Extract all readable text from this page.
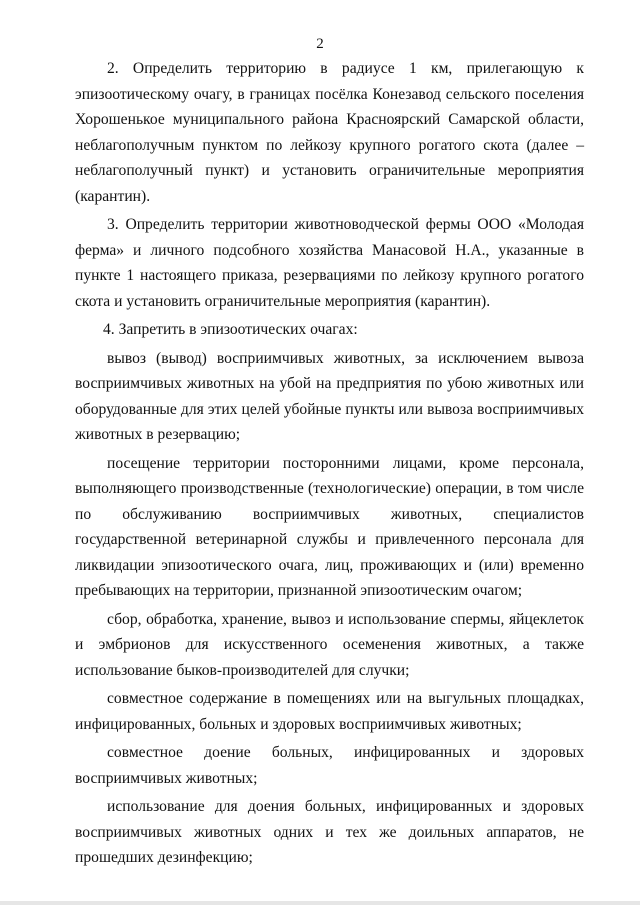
2

2. Определить территорию в радиусе 1 км, прилегающую к эпизоотическому очагу, в границах посёлка Конезавод сельского поселения Хорошенькое муниципального района Красноярский Самарской области, неблагополучным пунктом по лейкозу крупного рогатого скота (далее – неблагополучный пункт) и установить ограничительные мероприятия (карантин).

3. Определить территории животноводческой фермы ООО «Молодая ферма» и личного подсобного хозяйства Манасовой Н.А., указанные в пункте 1 настоящего приказа, резервациями по лейкозу крупного рогатого скота и установить ограничительные мероприятия (карантин).

4. Запретить в эпизоотических очагах:

вывоз (вывод) восприимчивых животных, за исключением вывоза восприимчивых животных на убой на предприятия по убою животных или оборудованные для этих целей убойные пункты или вывоза восприимчивых животных в резервацию;

посещение территории посторонними лицами, кроме персонала, выполняющего производственные (технологические) операции, в том числе по обслуживанию восприимчивых животных, специалистов государственной ветеринарной службы и привлеченного персонала для ликвидации эпизоотического очага, лиц, проживающих и (или) временно пребывающих на территории, признанной эпизоотическим очагом;

сбор, обработка, хранение, вывоз и использование спермы, яйцеклеток и эмбрионов для искусственного осеменения животных, а также использование быков-производителей для случки;

совместное содержание в помещениях или на выгульных площадках, инфицированных, больных и здоровых восприимчивых животных;

совместное доение больных, инфицированных и здоровых восприимчивых животных;

использование для доения больных, инфицированных и здоровых восприимчивых животных одних и тех же доильных аппаратов, не прошедших дезинфекцию;
